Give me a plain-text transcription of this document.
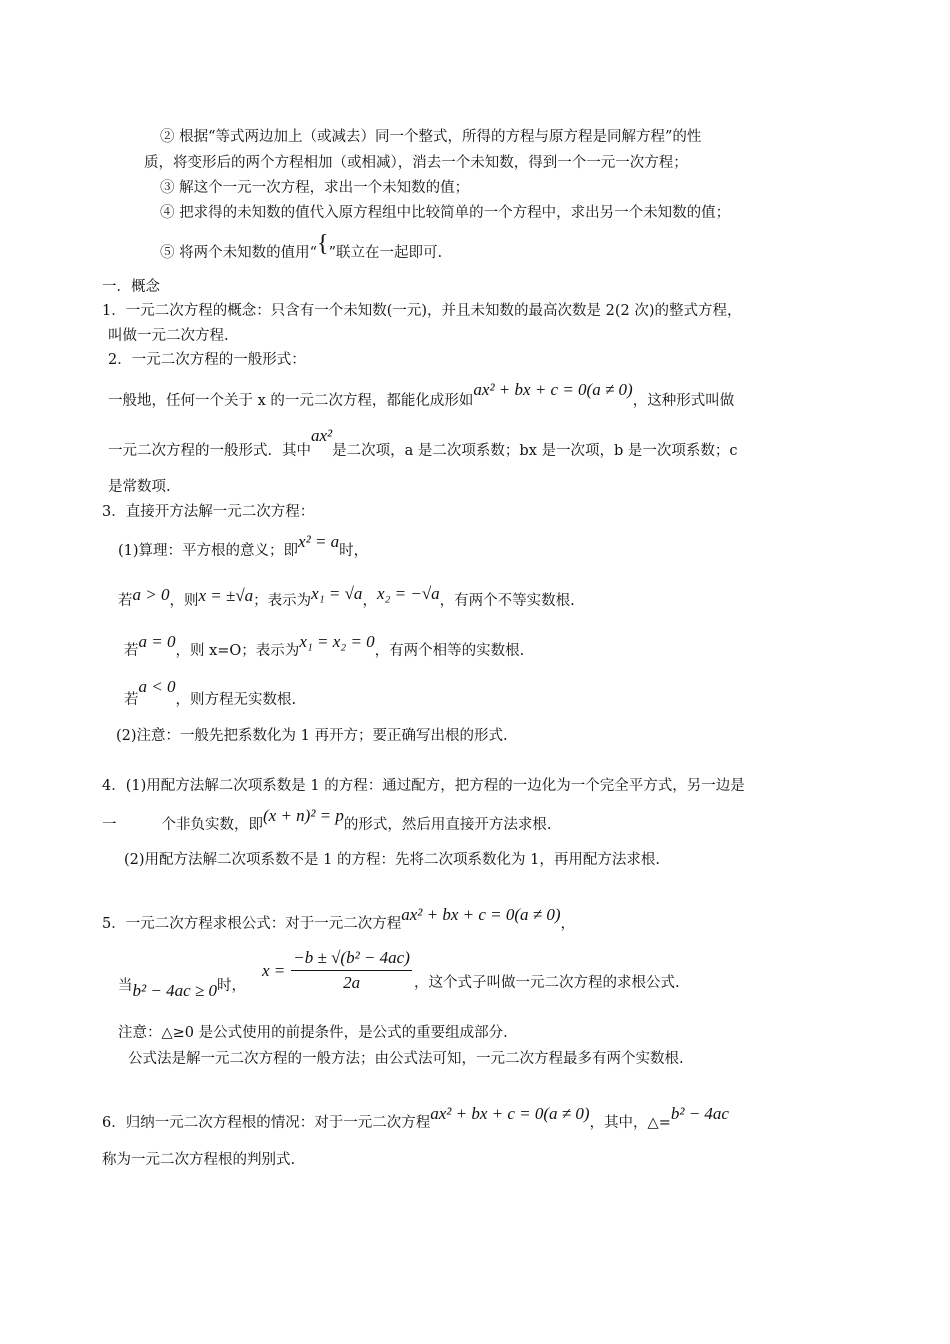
② 根据“等式两边加上（或减去）同一个整式，所得的方程与原方程是同解方程”的性
质，将变形后的两个方程相加（或相减），消去一个未知数，得到一个一元一次方程；
③ 解这个一元一次方程，求出一个未知数的值；
④ 把求得的未知数的值代入原方程组中比较简单的一个方程中，求出另一个未知数的值；
⑤ 将两个未知数的值用“{”联立在一起即可.
一．概念
1．一元二次方程的概念：只含有一个未知数(一元)，并且未知数的最高次数是 2(2 次)的整式方程，
叫做一元二次方程.
2．一元二次方程的一般形式：
一般地，任何一个关于 x 的一元二次方程，都能化成形如ax² + bx + c = 0(a ≠ 0)，这种形式叫做
一元二次方程的一般形式．其中ax²是二次项，a 是二次项系数；bx 是一次项，b 是一次项系数；c
是常数项.
3．直接开方法解一元二次方程：
(1)算理：平方根的意义；即x² = a时，
若a > 0，则x = ±√a；表示为x₁ = √a，x₂ = −√a，有两个不等实数根.
若a = 0，则 x=O；表示为x₁ = x₂ = 0，有两个相等的实数根.
若a < 0，则方程无实数根.
(2)注意：一般先把系数化为 1 再开方；要正确写出根的形式.
4．(1)用配方法解二次项系数是 1 的方程：通过配方，把方程的一边化为一个完全平方式，另一边是
一	个非负实数，即(x + n)² = p的形式，然后用直接开方法求根.
(2)用配方法解二次项系数不是 1 的方程：先将二次项系数化为 1，再用配方法求根.
5．一元二次方程求根公式：对于一元二次方程ax² + bx + c = 0(a ≠ 0)，
当b² − 4ac ≥ 0时，
$x = \frac{\text{−b ± √(b² − 4ac)}}{2a}$ ，这个式子叫做一元二次方程的求根公式.
注意：△≥0 是公式使用的前提条件，是公式的重要组成部分.
公式法是解一元二次方程的一般方法；由公式法可知，一元二次方程最多有两个实数根.
6．归纳一元二次方程根的情况：对于一元二次方程ax² + bx + c = 0(a ≠ 0)，其中，△=b² − 4ac
称为一元二次方程根的判别式.
